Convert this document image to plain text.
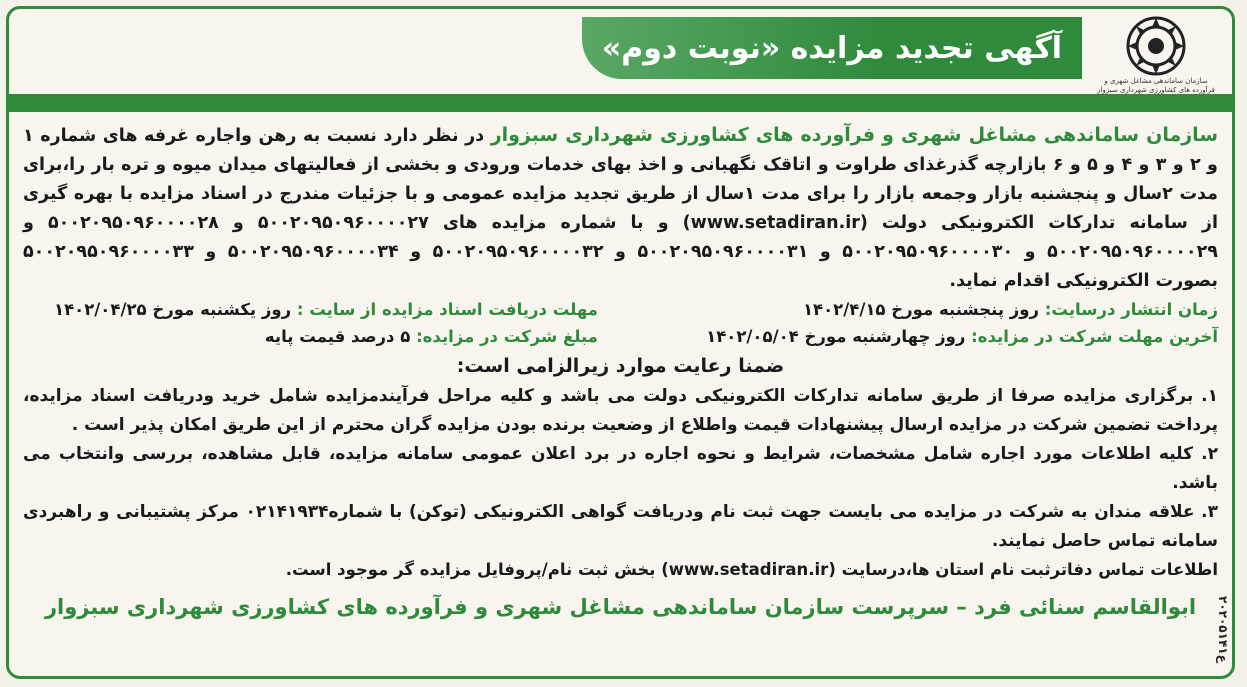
آگهی تجدید مزایده «نوبت دوم»
سازمان ساماندهی مشاغل شهری و فرآورده های کشاورزی شهرداری سبزوار

سازمان ساماندهی مشاغل شهری و فرآورده های کشاورزی شهرداری سبزوار در نظر دارد نسبت به رهن واجاره غرفه های شماره ۱ و ۲ و ۳ و ۴ و ۵ و ۶ بازارچه گذرغذای طراوت و اتاقک نگهبانی و اخذ بهای خدمات ورودی و بخشی از فعالیتهای میدان میوه و تره بار را،برای مدت ۲سال و پنجشنبه بازار وجمعه بازار را برای مدت ۱سال از طریق تجدید مزایده عمومی و با جزئیات مندرج در اسناد مزایده با بهره گیری از سامانه تدارکات الکترونیکی دولت (www.setadiran.ir) و با شماره مزایده های ۵۰۰۲۰۹۵۰۹۶۰۰۰۰۲۷ و ۵۰۰۲۰۹۵۰۹۶۰۰۰۰۲۸ و ۵۰۰۲۰۹۵۰۹۶۰۰۰۰۲۹ و ۵۰۰۲۰۹۵۰۹۶۰۰۰۰۳۰ و ۵۰۰۲۰۹۵۰۹۶۰۰۰۰۳۱ و ۵۰۰۲۰۹۵۰۹۶۰۰۰۰۳۲ و ۵۰۰۲۰۹۵۰۹۶۰۰۰۰۳۴ و ۵۰۰۲۰۹۵۰۹۶۰۰۰۰۳۳ بصورت الکترونیکی اقدام نماید.

زمان انتشار درسایت: روز پنجشنبه مورخ ۱۴۰۲/۴/۱۵
مهلت دریافت اسناد مزایده از سایت : روز یکشنبه مورخ ۱۴۰۲/۰۴/۲۵
آخرین مهلت شرکت در مزایده: روز چهارشنبه مورخ ۱۴۰۲/۰۵/۰۴
مبلغ شرکت در مزایده: ۵ درصد قیمت پایه
ضمنا رعایت موارد زیرالزامی است:

۱. برگزاری مزایده صرفا از طریق سامانه تدارکات الکترونیکی دولت می باشد و کلیه مراحل فرآیندمزایده شامل خرید ودریافت اسناد مزایده، پرداخت تضمین شرکت در مزایده ارسال پیشنهادات قیمت واطلاع از وضعیت برنده بودن مزایده گران محترم از این طریق امکان پذیر است .

۲. کلیه اطلاعات مورد اجاره شامل مشخصات، شرایط و نحوه اجاره در برد اعلان عمومی سامانه مزایده، قابل مشاهده، بررسی وانتخاب می باشد.

۳. علاقه مندان به شرکت در مزایده می بایست جهت ثبت نام ودریافت گواهی الکترونیکی (توکن) با شماره۰۲۱۴۱۹۳۴ مرکز پشتیبانی و راهبردی سامانه تماس حاصل نمایند.

اطلاعات تماس دفاترثبت نام استان ها،درسایت (www.setadiran.ir) بخش ثبت نام/پروفایل مزایده گر موجود است.

ابوالقاسم سنائی فرد – سرپرست سازمان ساماندهی مشاغل شهری و فرآورده های کشاورزی شهرداری سبزوار	ع۲۰۲۰۵۱۴۱
